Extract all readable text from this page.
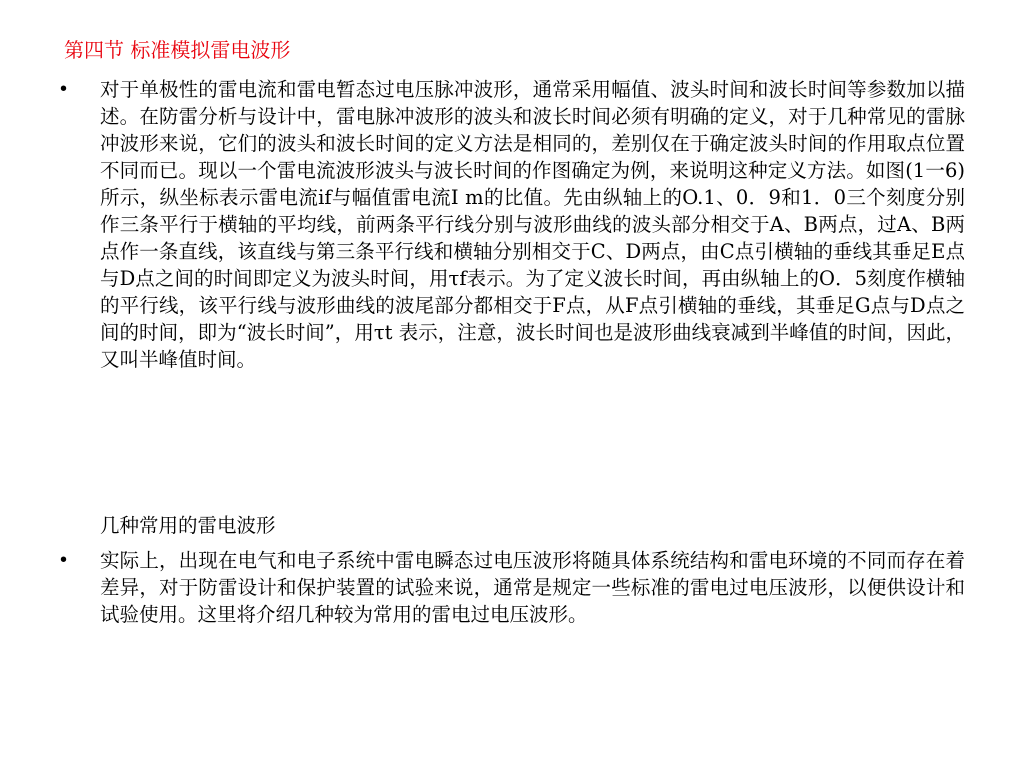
第四节 标准模拟雷电波形
• 对于单极性的雷电流和雷电暂态过电压脉冲波形，通常采用幅值、波头时间和波长时间等参数加以描述。在防雷分析与设计中，雷电脉冲波形的波头和波长时间必须有明确的定义，对于几种常见的雷脉冲波形来说，它们的波头和波长时间的定义方法是相同的，差别仅在于确定波头时间的作用取点位置不同而已。现以一个雷电流波形波头与波长时间的作图确定为例，来说明这种定义方法。如图(1一6)所示，纵坐标表示雷电流if与幅值雷电流I m的比值。先由纵轴上的O.1、0．9和1．0三个刻度分别作三条平行于横轴的平均线，前两条平行线分别与波形曲线的波头部分相交于A、B两点，过A、B两点作一条直线，该直线与第三条平行线和横轴分别相交于C、D两点，由C点引横轴的垂线其垂足E点与D点之间的时间即定义为波头时间，用τf表示。为了定义波长时间，再由纵轴上的O．5刻度作横轴的平行线，该平行线与波形曲线的波尾部分都相交于F点，从F点引横轴的垂线，其垂足G点与D点之间的时间，即为“波长时间”，用τt 表示，注意，波长时间也是波形曲线衰减到半峰值的时间，因此，又叫半峰值时间。
几种常用的雷电波形
• 实际上，出现在电气和电子系统中雷电瞬态过电压波形将随具体系统结构和雷电环境的不同而存在着差异，对于防雷设计和保护装置的试验来说，通常是规定一些标准的雷电过电压波形，以便供设计和试验使用。这里将介绍几种较为常用的雷电过电压波形。
